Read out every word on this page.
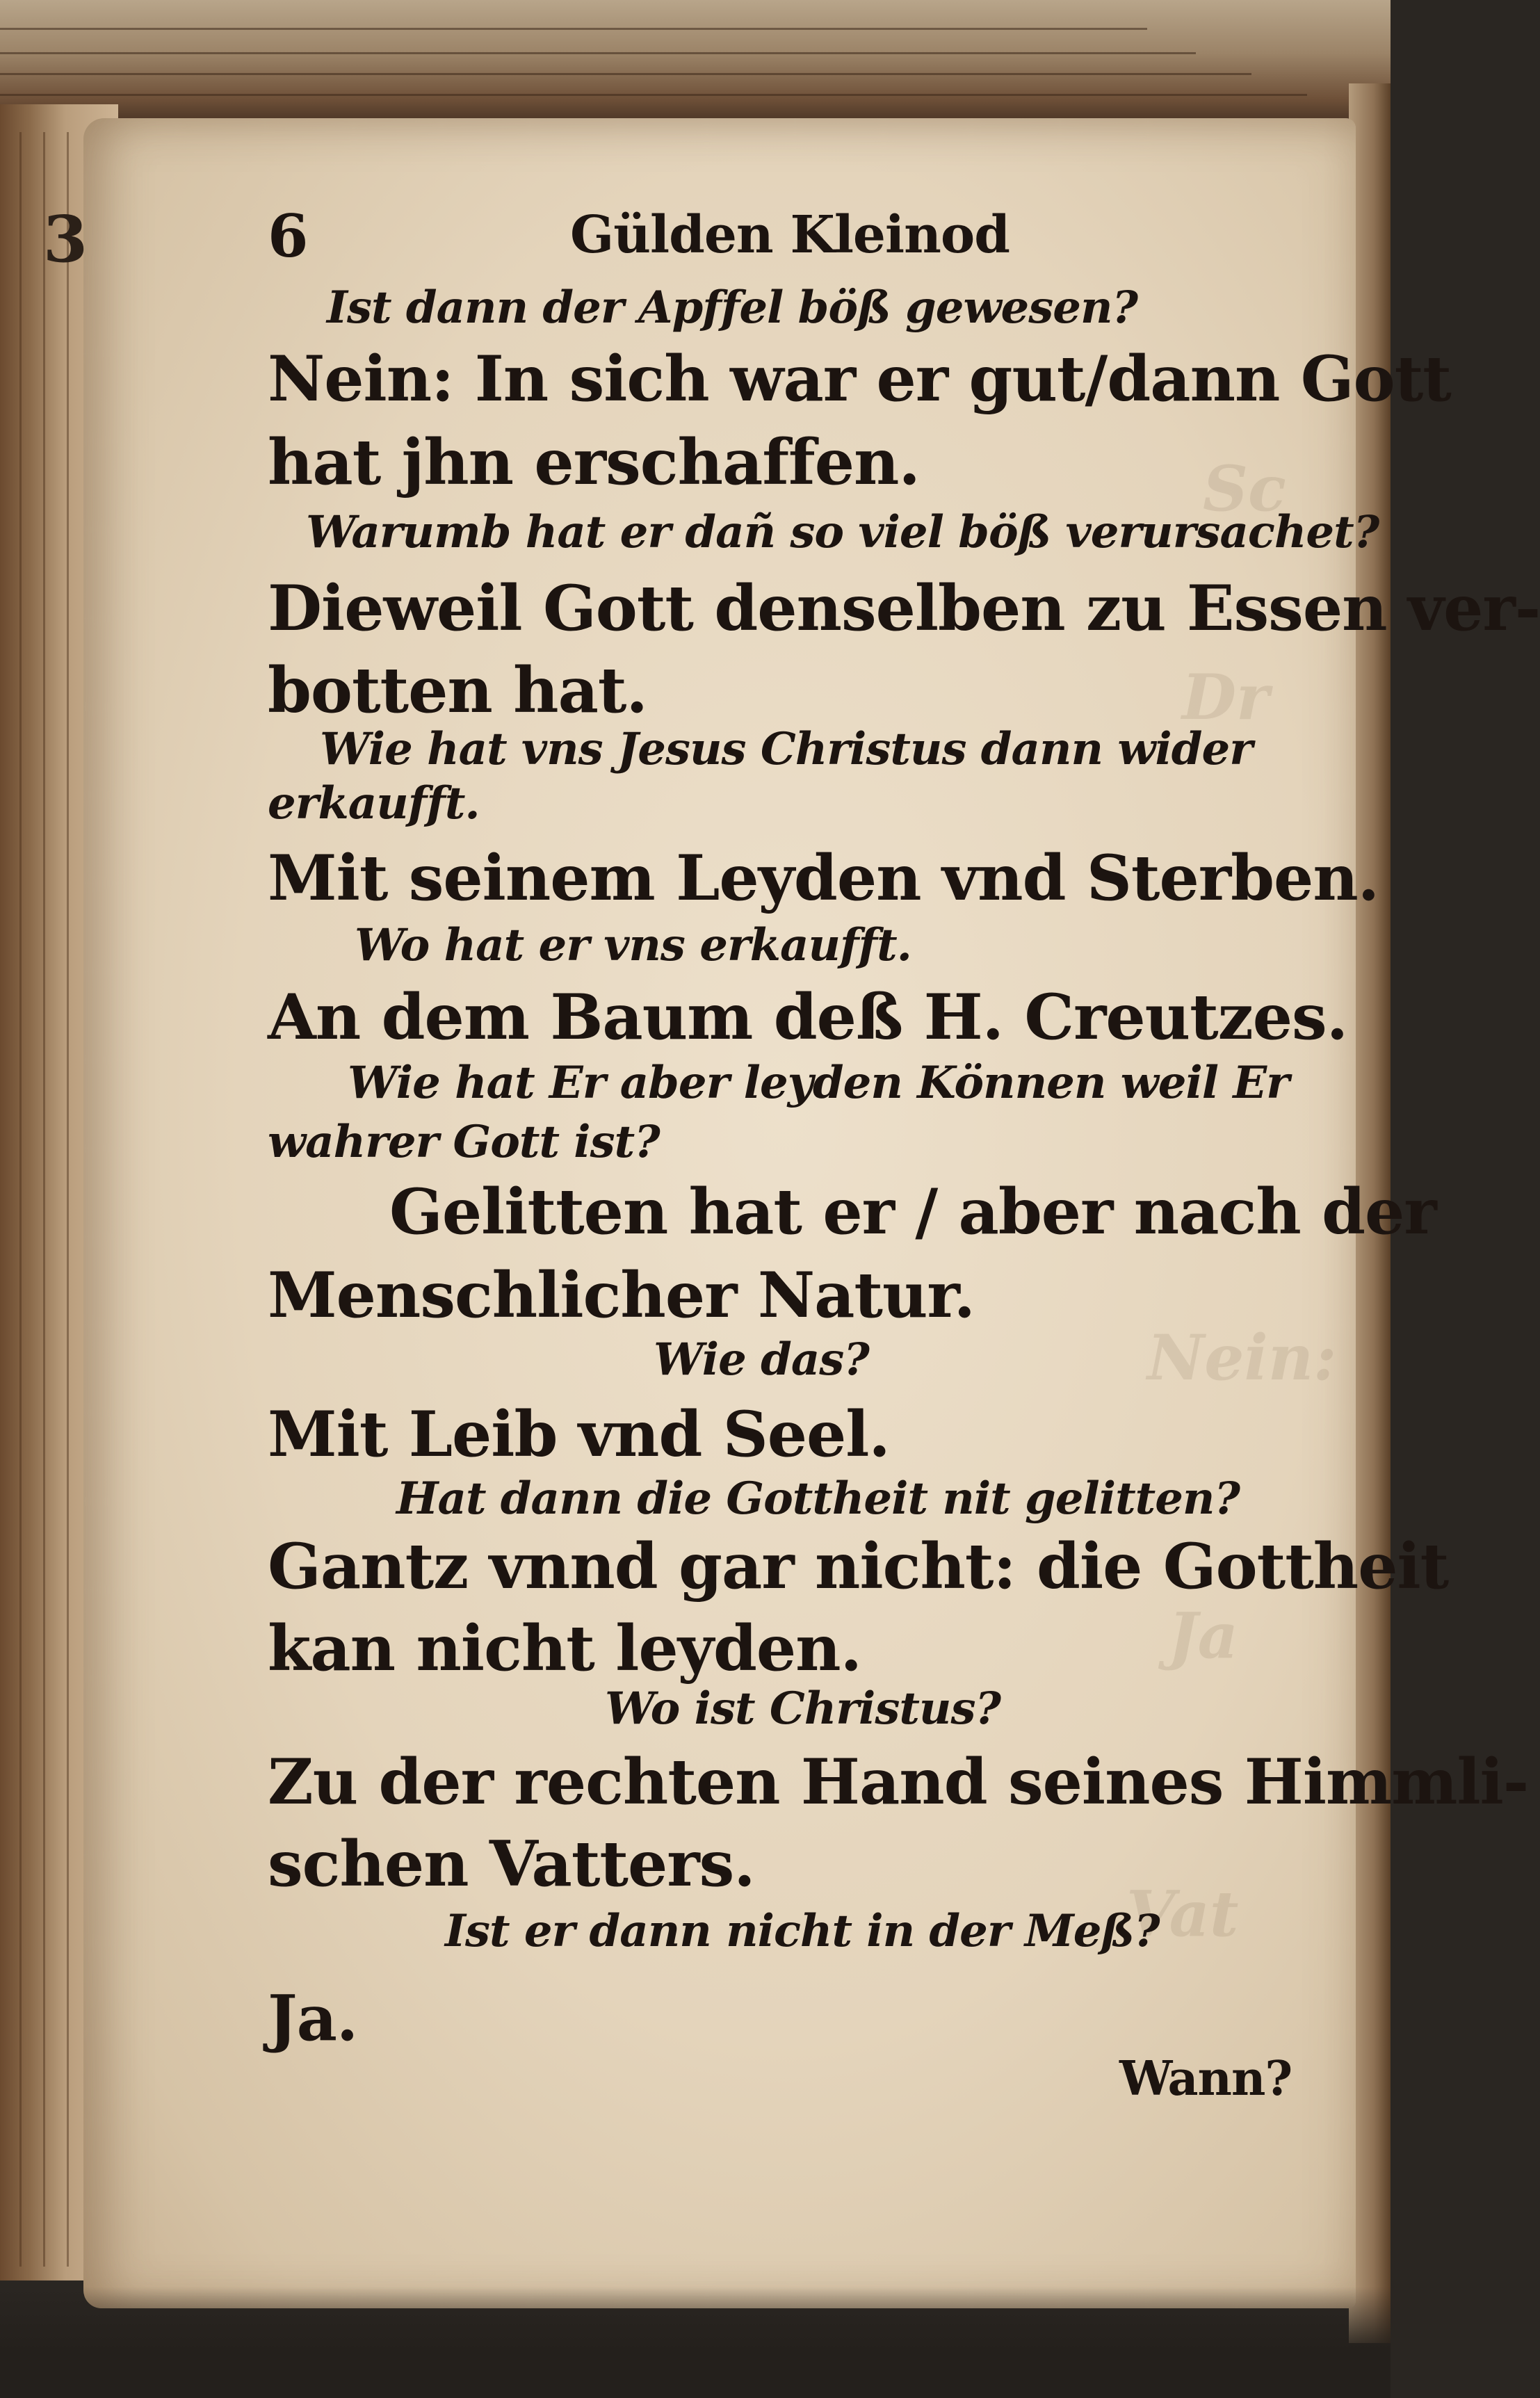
Sc
Dr
Nein:
Ja
Vat
3	6	Gülden Kleinod
Ist dann der Apffel böß gewesen?
Nein: In sich war er gut/dann Gott
hat jhn erschaffen.
Warumb hat er dañ so viel böß verursachet?
Dieweil Gott denselben zu Essen ver-
botten hat.
Wie hat vns Jesus Christus dann wider
erkaufft.
Mit seinem Leyden vnd Sterben.
Wo hat er vns erkaufft.
An dem Baum deß H. Creutzes.
Wie hat Er aber leyden Können weil Er
wahrer Gott ist?
Gelitten hat er / aber nach der
Menschlicher Natur.
Wie das?
Mit Leib vnd Seel.
Hat dann die Gottheit nit gelitten?
Gantz vnnd gar nicht: die Gottheit
kan nicht leyden.
Wo ist Christus?
Zu der rechten Hand seines Himmli-
schen Vatters.
Ist er dann nicht in der Meß?
Ja.
Wann?
